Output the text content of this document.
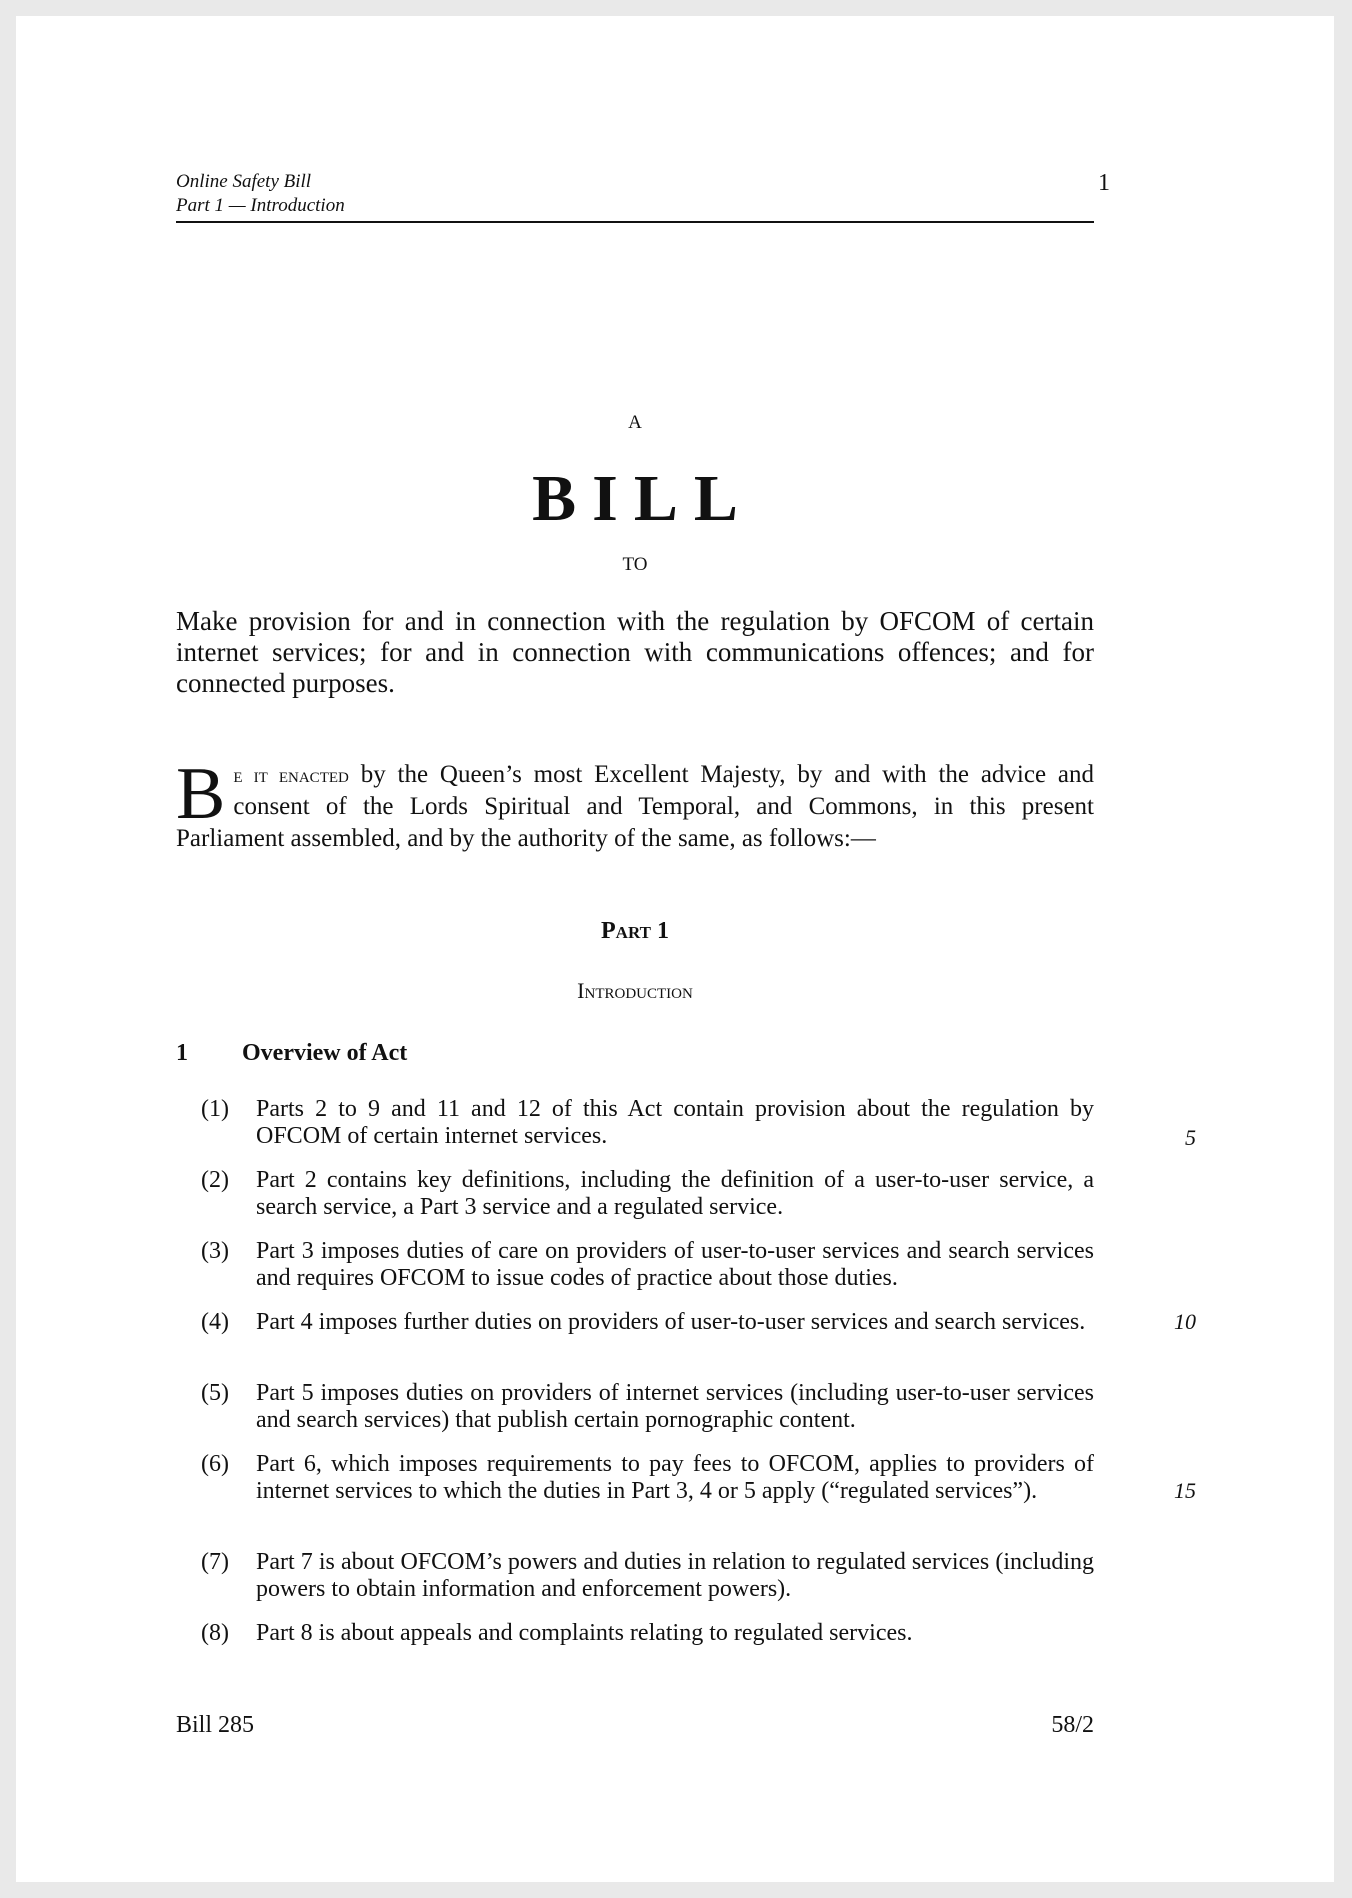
Online Safety Bill
Part 1 — Introduction
1
A
BILL
TO
Make provision for and in connection with the regulation by OFCOM of certain internet services; for and in connection with communications offences; and for connected purposes.
Be it enacted by the Queen’s most Excellent Majesty, by and with the advice and consent of the Lords Spiritual and Temporal, and Commons, in this present Parliament assembled, and by the authority of the same, as follows:—
Part 1
Introduction
1 Overview of Act
(1)	Parts 2 to 9 and 11 and 12 of this Act contain provision about the regulation by OFCOM of certain internet services.
(2)	Part 2 contains key definitions, including the definition of a user-to-user service, a search service, a Part 3 service and a regulated service.
(3)	Part 3 imposes duties of care on providers of user-to-user services and search services and requires OFCOM to issue codes of practice about those duties.
(4)	Part 4 imposes further duties on providers of user-to-user services and search services.
(5)	Part 5 imposes duties on providers of internet services (including user-to-user services and search services) that publish certain pornographic content.
(6)	Part 6, which imposes requirements to pay fees to OFCOM, applies to providers of internet services to which the duties in Part 3, 4 or 5 apply (“regulated services”).
(7)	Part 7 is about OFCOM’s powers and duties in relation to regulated services (including powers to obtain information and enforcement powers).
(8)	Part 8 is about appeals and complaints relating to regulated services.
5
10
15
Bill 285	58/2
